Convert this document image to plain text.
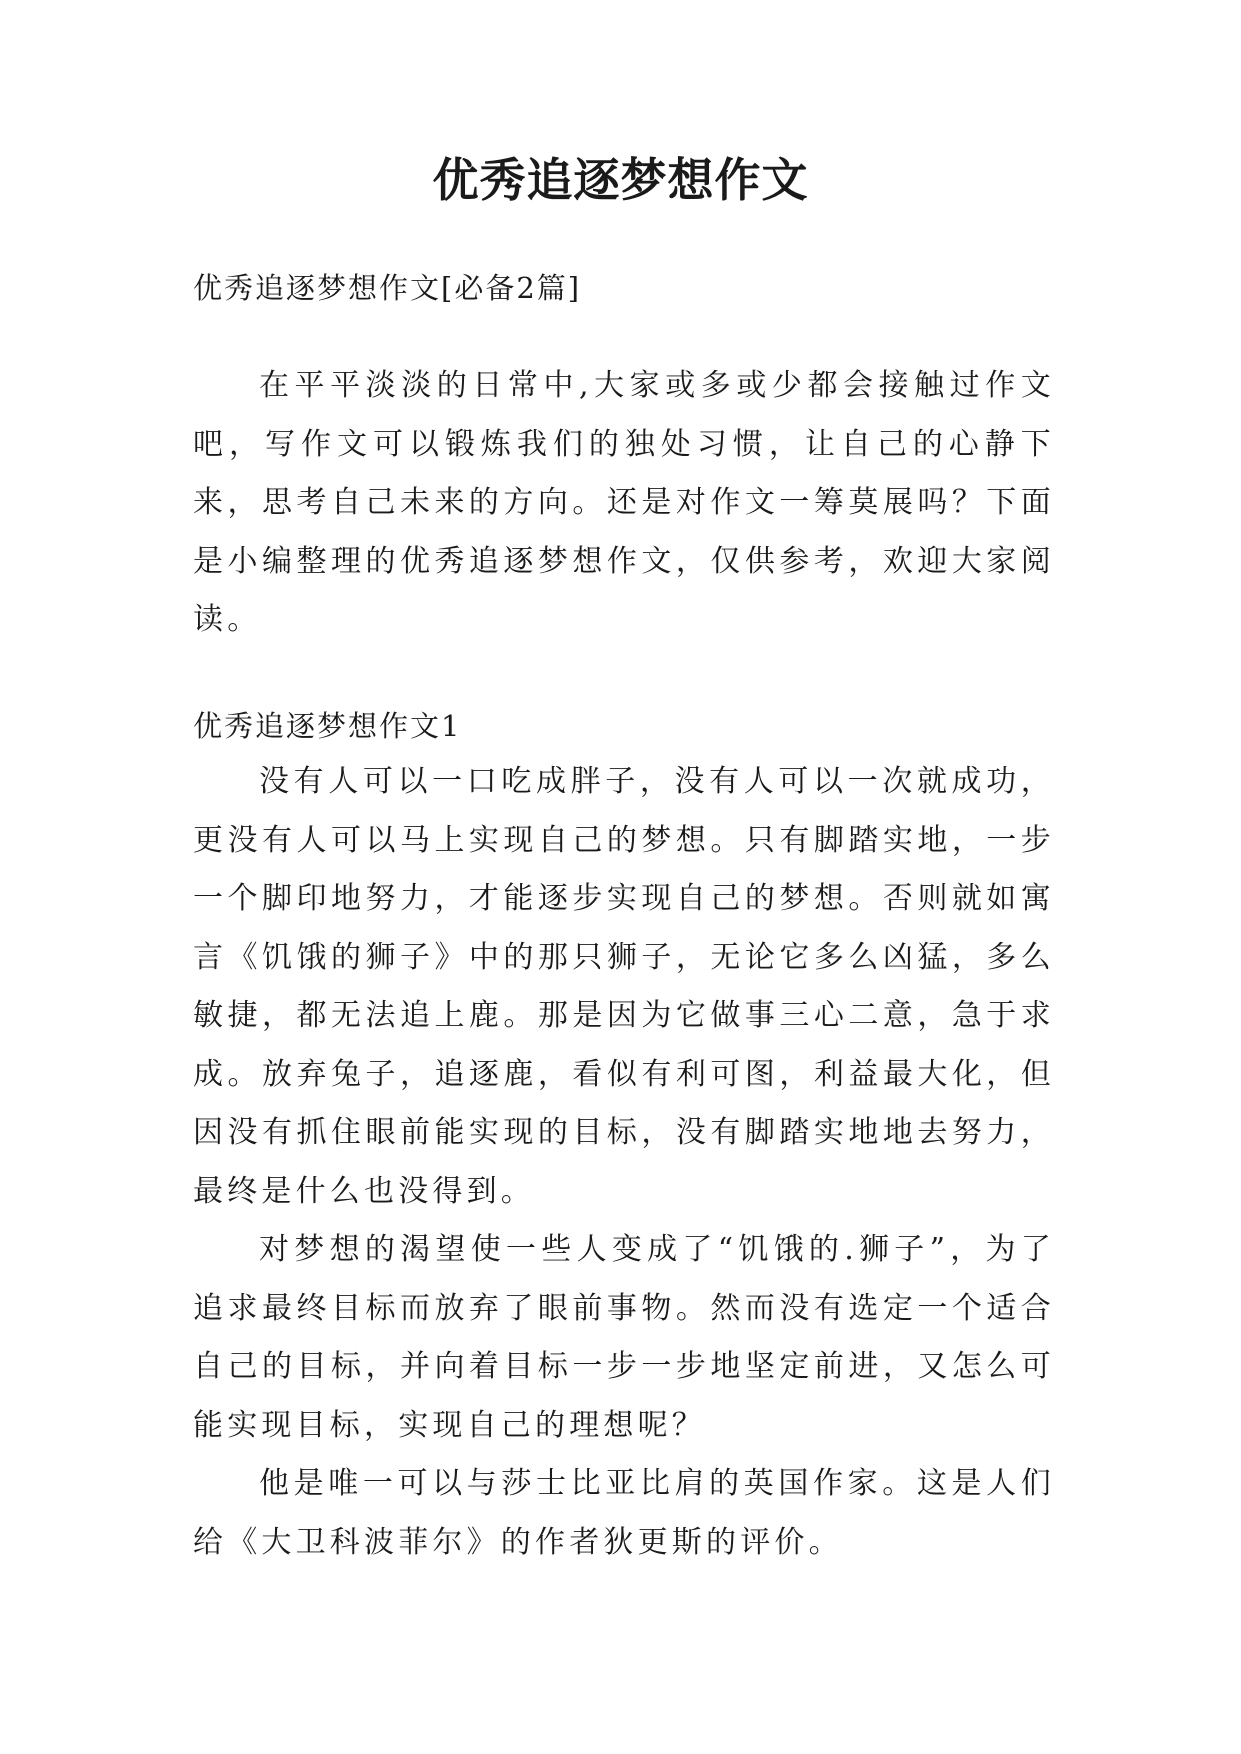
优秀追逐梦想作文

优秀追逐梦想作文[必备2篇]

在平平淡淡的日常中,大家或多或少都会接触过作文吧，写作文可以锻炼我们的独处习惯，让自己的心静下来，思考自己未来的方向。还是对作文一筹莫展吗？下面是小编整理的优秀追逐梦想作文，仅供参考，欢迎大家阅读。

优秀追逐梦想作文1

没有人可以一口吃成胖子，没有人可以一次就成功，更没有人可以马上实现自己的梦想。只有脚踏实地，一步一个脚印地努力，才能逐步实现自己的梦想。否则就如寓言《饥饿的狮子》中的那只狮子，无论它多么凶猛，多么敏捷，都无法追上鹿。那是因为它做事三心二意，急于求成。放弃兔子，追逐鹿，看似有利可图，利益最大化，但因没有抓住眼前能实现的目标，没有脚踏实地地去努力，最终是什么也没得到。

对梦想的渴望使一些人变成了“饥饿的.狮子”，为了追求最终目标而放弃了眼前事物。然而没有选定一个适合自己的目标，并向着目标一步一步地坚定前进，又怎么可能实现目标，实现自己的理想呢？

他是唯一可以与莎士比亚比肩的英国作家。这是人们给《大卫科波菲尔》的作者狄更斯的评价。
